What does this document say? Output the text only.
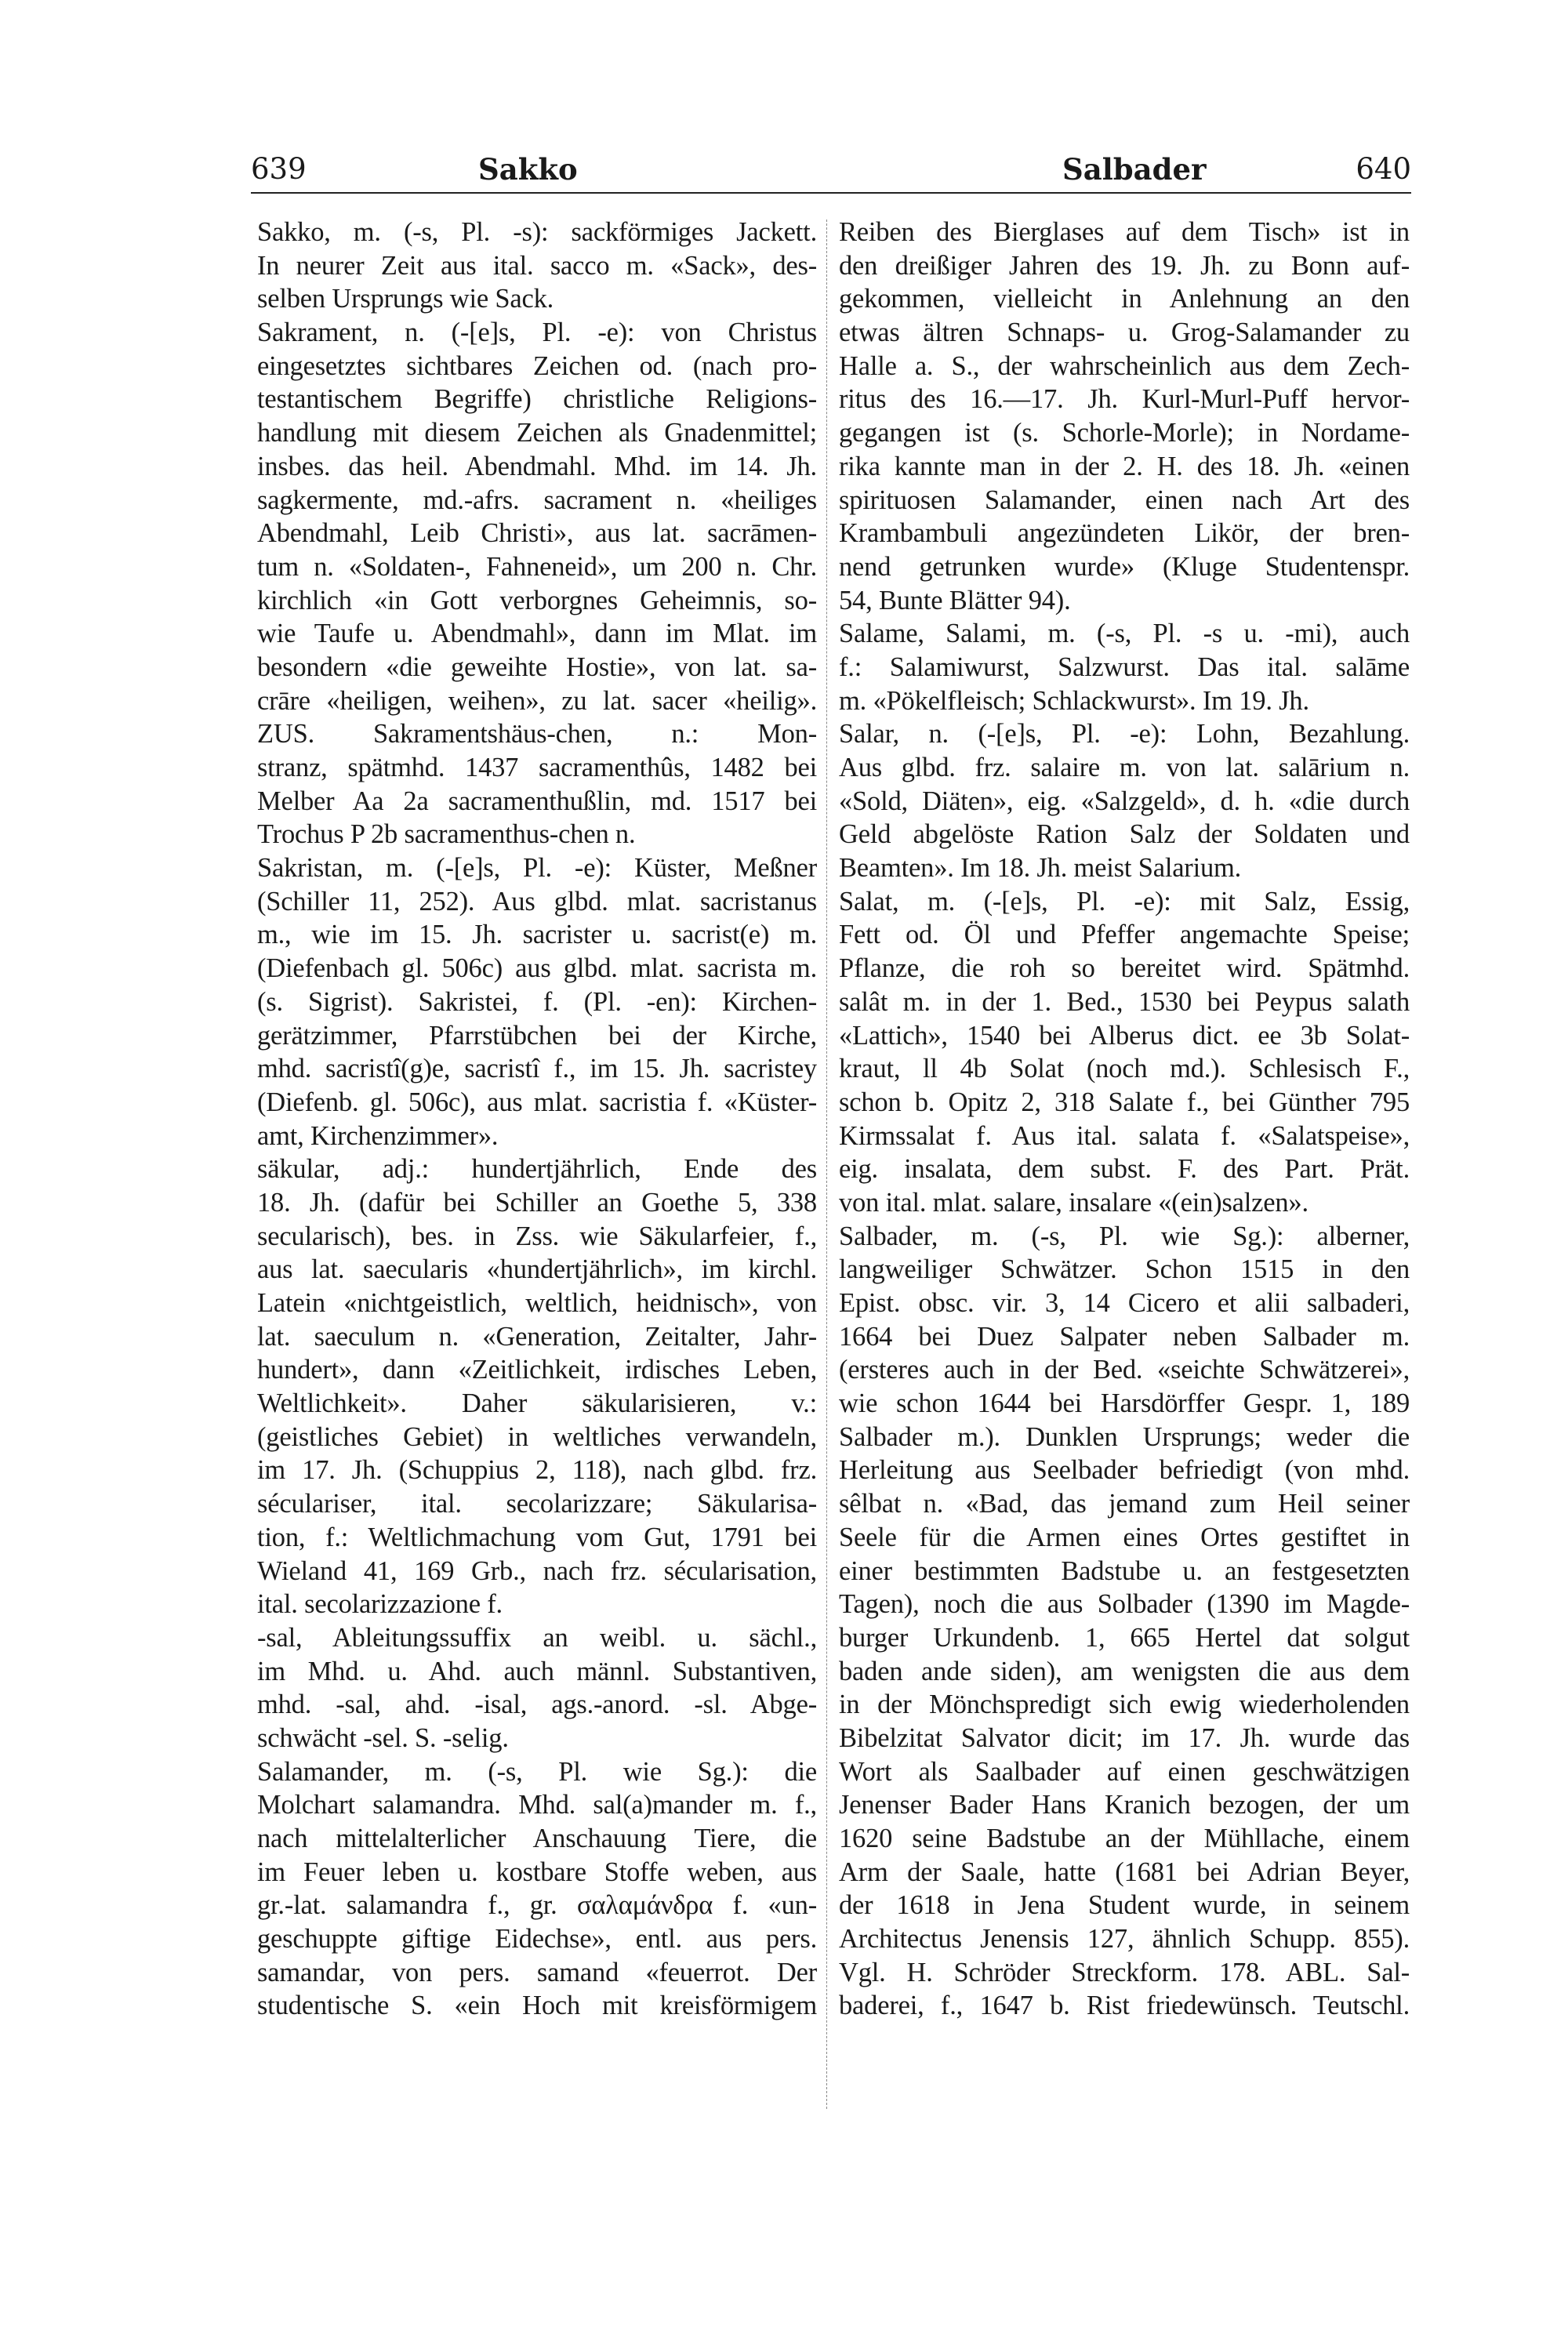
639	Sakko	Salbader	640
Sakko, m. (-s, Pl. -s): sackförmiges Jackett.
In neurer Zeit aus ital. sacco m. «Sack», des-
selben Ursprungs wie Sack.
Sakrament, n. (-[e]s, Pl. -e): von Christus
eingesetztes sichtbares Zeichen od. (nach pro-
testantischem Begriffe) christliche Religions-
handlung mit diesem Zeichen als Gnadenmittel;
insbes. das heil. Abendmahl. Mhd. im 14. Jh.
sagkermente, md.-afrs. sacrament n. «heiliges
Abendmahl, Leib Christi», aus lat. sacrāmen-
tum n. «Soldaten-, Fahneneid», um 200 n. Chr.
kirchlich «in Gott verborgnes Geheimnis, so-
wie Taufe u. Abendmahl», dann im Mlat. im
besondern «die geweihte Hostie», von lat. sa-
crāre «heiligen, weihen», zu lat. sacer «heilig».
ZUS. Sakramentshäus-chen, n.: Mon-
stranz, spätmhd. 1437 sacramenthûs, 1482 bei
Melber Aa 2a sacramenthußlin, md. 1517 bei
Trochus P 2b sacramenthus-chen n.
Sakristan, m. (-[e]s, Pl. -e): Küster, Meßner
(Schiller 11, 252). Aus glbd. mlat. sacristanus
m., wie im 15. Jh. sacrister u. sacrist(e) m.
(Diefenbach gl. 506c) aus glbd. mlat. sacrista m.
(s. Sigrist). Sakristei, f. (Pl. -en): Kirchen-
gerätzimmer, Pfarrstübchen bei der Kirche,
mhd. sacristî(g)e, sacristî f., im 15. Jh. sacristey
(Diefenb. gl. 506c), aus mlat. sacristia f. «Küster-
amt, Kirchenzimmer».
säkular, adj.: hundertjährlich, Ende des
18. Jh. (dafür bei Schiller an Goethe 5, 338
secularisch), bes. in Zss. wie Säkularfeier, f.,
aus lat. saecularis «hundertjährlich», im kirchl.
Latein «nichtgeistlich, weltlich, heidnisch», von
lat. saeculum n. «Generation, Zeitalter, Jahr-
hundert», dann «Zeitlichkeit, irdisches Leben,
Weltlichkeit». Daher säkularisieren, v.:
(geistliches Gebiet) in weltliches verwandeln,
im 17. Jh. (Schuppius 2, 118), nach glbd. frz.
séculariser, ital. secolarizzare; Säkularisa-
tion, f.: Weltlichmachung vom Gut, 1791 bei
Wieland 41, 169 Grb., nach frz. sécularisation,
ital. secolarizzazione f.
-sal, Ableitungssuffix an weibl. u. sächl.,
im Mhd. u. Ahd. auch männl. Substantiven,
mhd. -sal, ahd. -isal, ags.-anord. -sl. Abge-
schwächt -sel. S. -selig.
Salamander, m. (-s, Pl. wie Sg.): die
Molchart salamandra. Mhd. sal(a)mander m. f.,
nach mittelalterlicher Anschauung Tiere, die
im Feuer leben u. kostbare Stoffe weben, aus
gr.-lat. salamandra f., gr. σαλαμάνδρα f. «un-
geschuppte giftige Eidechse», entl. aus pers.
samandar, von pers. samand «feuerrot. Der
studentische S. «ein Hoch mit kreisförmigem
Reiben des Bierglases auf dem Tisch» ist in
den dreißiger Jahren des 19. Jh. zu Bonn auf-
gekommen, vielleicht in Anlehnung an den
etwas ältren Schnaps- u. Grog-Salamander zu
Halle a. S., der wahrscheinlich aus dem Zech-
ritus des 16.—17. Jh. Kurl-Murl-Puff hervor-
gegangen ist (s. Schorle-Morle); in Nordame-
rika kannte man in der 2. H. des 18. Jh. «einen
spirituosen Salamander, einen nach Art des
Krambambuli angezündeten Likör, der bren-
nend getrunken wurde» (Kluge Studentenspr.
54, Bunte Blätter 94).
Salame, Salami, m. (-s, Pl. -s u. -mi), auch
f.: Salamiwurst, Salzwurst. Das ital. salāme
m. «Pökelfleisch; Schlackwurst». Im 19. Jh.
Salar, n. (-[e]s, Pl. -e): Lohn, Bezahlung.
Aus glbd. frz. salaire m. von lat. salārium n.
«Sold, Diäten», eig. «Salzgeld», d. h. «die durch
Geld abgelöste Ration Salz der Soldaten und
Beamten». Im 18. Jh. meist Salarium.
Salat, m. (-[e]s, Pl. -e): mit Salz, Essig,
Fett od. Öl und Pfeffer angemachte Speise;
Pflanze, die roh so bereitet wird. Spätmhd.
salât m. in der 1. Bed., 1530 bei Peypus salath
«Lattich», 1540 bei Alberus dict. ee 3b Solat-
kraut, ll 4b Solat (noch md.). Schlesisch F.,
schon b. Opitz 2, 318 Salate f., bei Günther 795
Kirmssalat f. Aus ital. salata f. «Salatspeise»,
eig. insalata, dem subst. F. des Part. Prät.
von ital. mlat. salare, insalare «(ein)salzen».
Salbader, m. (-s, Pl. wie Sg.): alberner,
langweiliger Schwätzer. Schon 1515 in den
Epist. obsc. vir. 3, 14 Cicero et alii salbaderi,
1664 bei Duez Salpater neben Salbader m.
(ersteres auch in der Bed. «seichte Schwätzerei»,
wie schon 1644 bei Harsdörffer Gespr. 1, 189
Salbader m.). Dunklen Ursprungs; weder die
Herleitung aus Seelbader befriedigt (von mhd.
sêlbat n. «Bad, das jemand zum Heil seiner
Seele für die Armen eines Ortes gestiftet in
einer bestimmten Badstube u. an festgesetzten
Tagen), noch die aus Solbader (1390 im Magde-
burger Urkundenb. 1, 665 Hertel dat solgut
baden ande siden), am wenigsten die aus dem
in der Mönchspredigt sich ewig wiederholenden
Bibelzitat Salvator dicit; im 17. Jh. wurde das
Wort als Saalbader auf einen geschwätzigen
Jenenser Bader Hans Kranich bezogen, der um
1620 seine Badstube an der Mühllache, einem
Arm der Saale, hatte (1681 bei Adrian Beyer,
der 1618 in Jena Student wurde, in seinem
Architectus Jenensis 127, ähnlich Schupp. 855).
Vgl. H. Schröder Streckform. 178. ABL. Sal-
baderei, f., 1647 b. Rist friedewünsch. Teutschl.
